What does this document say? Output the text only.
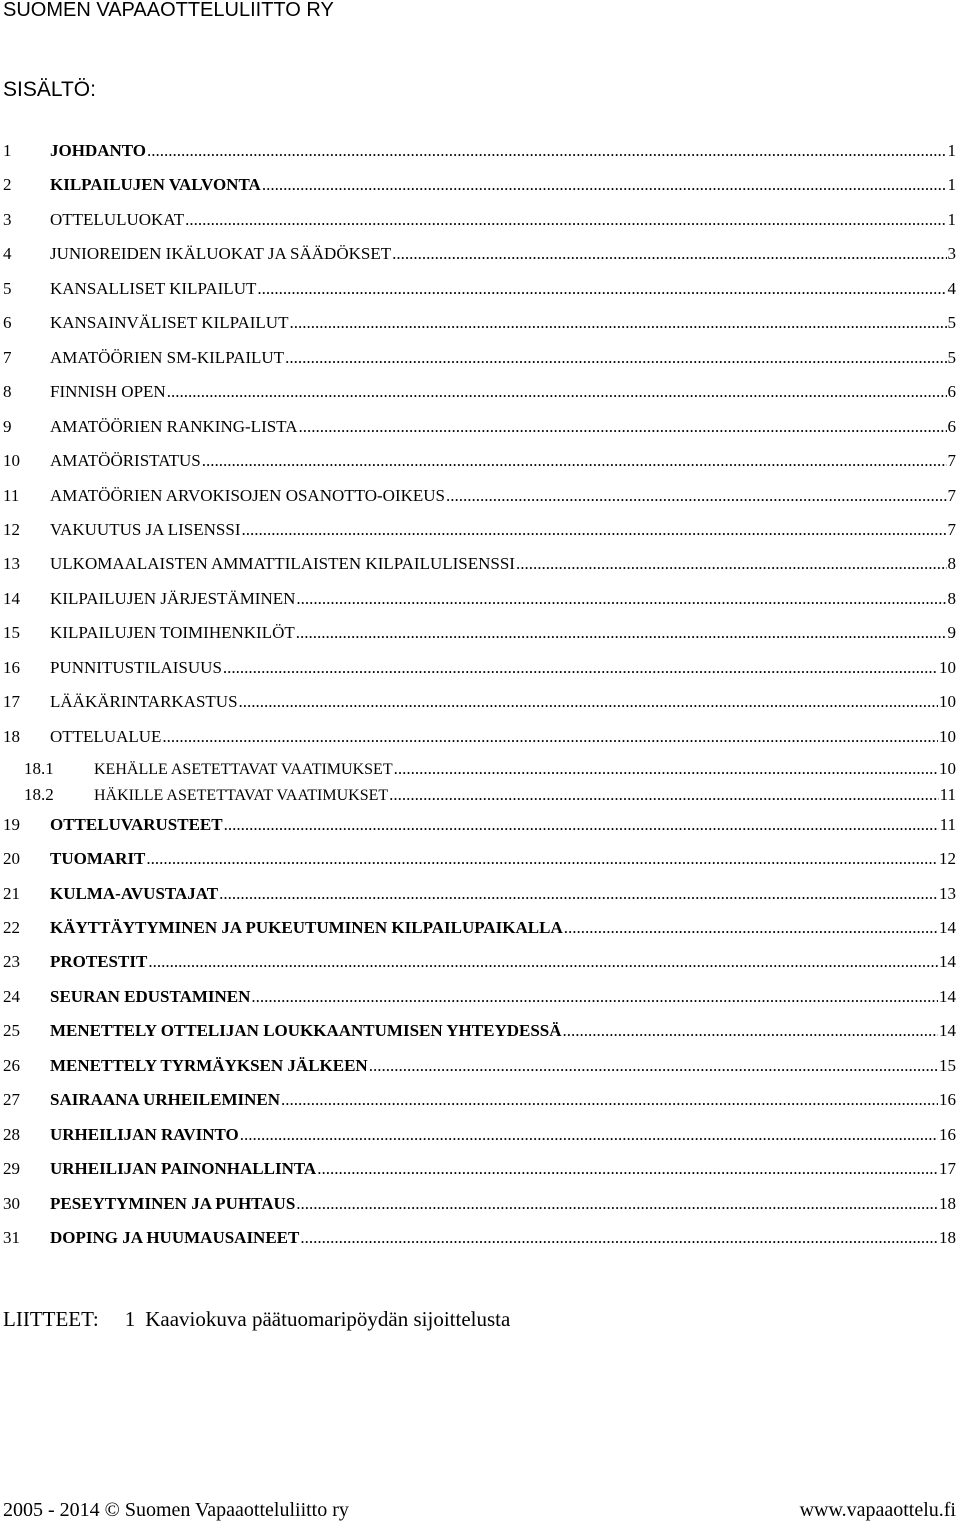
SUOMEN VAPAAOTTELULIITTO RY
SISÄLTÖ:
1	JOHDANTO .....	1
2	KILPAILUJEN VALVONTA .....	1
3	OTTELULUOKAT .....	1
4	JUNIOREIDEN IKÄLUOKAT JA SÄÄDÖKSET .....	3
5	KANSALLISET KILPAILUT .....	4
6	KANSAINVÄLISET KILPAILUT .....	5
7	AMATÖÖRIEN SM-KILPAILUT .....	5
8	FINNISH OPEN .....	6
9	AMATÖÖRIEN RANKING-LISTA .....	6
10	AMATÖÖRISTATUS .....	7
11	AMATÖÖRIEN ARVOKISOJEN OSANOTTO-OIKEUS .....	7
12	VAKUUTUS JA LISENSSI .....	7
13	ULKOMAALAISTEN AMMATTILAISTEN KILPAILULISENSSI .....	8
14	KILPAILUJEN JÄRJESTÄMINEN .....	8
15	KILPAILUJEN TOIMIHENKILÖT .....	9
16	PUNNITUSTILAISUUS .....	10
17	LÄÄKÄRINTARKASTUS .....	10
18	OTTELUALUE .....	10
18.1	KEHÄLLE ASETETTAVAT VAATIMUKSET .....	10
18.2	HÄKILLE ASETETTAVAT VAATIMUKSET .....	11
19	OTTELUVARUSTEET .....	11
20	TUOMARIT .....	12
21	KULMA-AVUSTAJAT .....	13
22	KÄYTTÄYTYMINEN JA PUKEUTUMINEN KILPAILUPAIKALLA .....	14
23	PROTESTIT .....	14
24	SEURAN EDUSTAMINEN .....	14
25	MENETTELY OTTELIJAN LOUKKAANTUMISEN YHTEYDESSÄ .....	14
26	MENETTELY TYRMÄYKSEN JÄLKEEN .....	15
27	SAIRAANA URHEILEMINEN .....	16
28	URHEILIJAN RAVINTO .....	16
29	URHEILIJAN PAINONHALLINTA .....	17
30	PESEYTYMINEN JA PUHTAUS .....	18
31	DOPING JA HUUMAUSAINEET .....	18
LIITTEET: 1 Kaaviokuva päätuomaripöydän sijoittelusta
2005 - 2014 © Suomen Vapaaotteluliitto ry	www.vapaaottelu.fi
